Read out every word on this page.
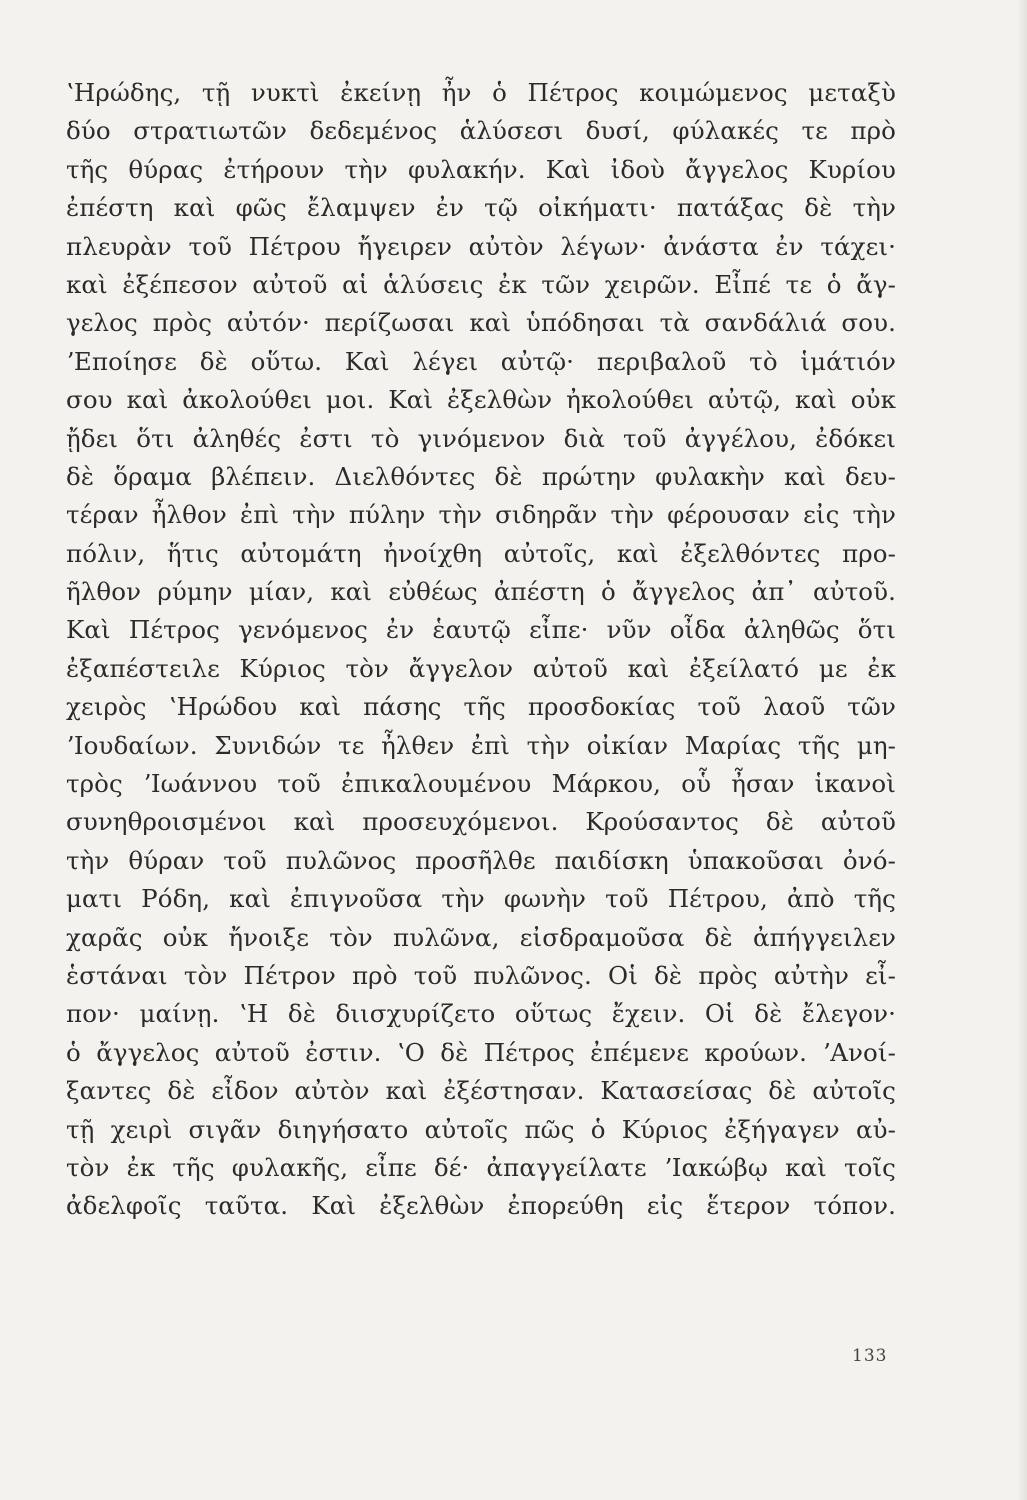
ʽΗρώδης, τῇ νυκτὶ ἐκείνῃ ἦν ὁ Πέτρος κοιμώμενος μεταξὺ
δύο στρατιωτῶν δεδεμένος ἁλύσεσι δυσί, φύλακές τε πρὸ
τῆς θύρας ἐτήρουν τὴν φυλακήν. Καὶ ἰδοὺ ἄγγελος Κυρίου
ἐπέστη καὶ φῶς ἔλαμψεν ἐν τῷ οἰκήματι· πατάξας δὲ τὴν
πλευρὰν τοῦ Πέτρου ἤγειρεν αὐτὸν λέγων· ἀνάστα ἐν τάχει·
καὶ ἐξέπεσον αὐτοῦ αἱ ἁλύσεις ἐκ τῶν χειρῶν. Εἶπέ τε ὁ ἄγ-
γελος πρὸς αὐτόν· περίζωσαι καὶ ὑπόδησαι τὰ σανδάλιά σου.
ʼΕποίησε δὲ οὕτω. Καὶ λέγει αὐτῷ· περιβαλοῦ τὸ ἱμάτιόν
σου καὶ ἀκολούθει μοι. Καὶ ἐξελθὼν ἠκολούθει αὐτῷ, καὶ οὐκ
ᾔδει ὅτι ἀληθές ἐστι τὸ γινόμενον διὰ τοῦ ἀγγέλου, ἐδόκει
δὲ ὅραμα βλέπειν. Διελθόντες δὲ πρώτην φυλακὴν καὶ δευ-
τέραν ἦλθον ἐπὶ τὴν πύλην τὴν σιδηρᾶν τὴν φέρουσαν εἰς τὴν
πόλιν, ἥτις αὐτομάτη ἠνοίχθη αὐτοῖς, καὶ ἐξελθόντες προ-
ῆλθον ρύμην μίαν, καὶ εὐθέως ἀπέστη ὁ ἄγγελος ἀπ᾽ αὐτοῦ.
Καὶ Πέτρος γενόμενος ἐν ἑαυτῷ εἶπε· νῦν οἶδα ἀληθῶς ὅτι
ἐξαπέστειλε Κύριος τὸν ἄγγελον αὐτοῦ καὶ ἐξείλατό με ἐκ
χειρὸς ʽΗρώδου καὶ πάσης τῆς προσδοκίας τοῦ λαοῦ τῶν
ʼΙουδαίων. Συνιδών τε ἦλθεν ἐπὶ τὴν οἰκίαν Μαρίας τῆς μη-
τρὸς ʼΙωάννου τοῦ ἐπικαλουμένου Μάρκου, οὗ ἦσαν ἱκανοὶ
συνηθροισμένοι καὶ προσευχόμενοι. Κρούσαντος δὲ αὐτοῦ
τὴν θύραν τοῦ πυλῶνος προσῆλθε παιδίσκη ὑπακοῦσαι ὀνό-
ματι Ρόδη, καὶ ἐπιγνοῦσα τὴν φωνὴν τοῦ Πέτρου, ἀπὸ τῆς
χαρᾶς οὐκ ἤνοιξε τὸν πυλῶνα, εἰσδραμοῦσα δὲ ἀπήγγειλεν
ἑστάναι τὸν Πέτρον πρὸ τοῦ πυλῶνος. Οἱ δὲ πρὸς αὐτὴν εἶ-
πον· μαίνῃ. ʽΗ δὲ διισχυρίζετο οὕτως ἔχειν. Οἱ δὲ ἔλεγον·
ὁ ἄγγελος αὐτοῦ ἐστιν. ʽΟ δὲ Πέτρος ἐπέμενε κρούων. ʼΑνοί-
ξαντες δὲ εἶδον αὐτὸν καὶ ἐξέστησαν. Κατασείσας δὲ αὐτοῖς
τῇ χειρὶ σιγᾶν διηγήσατο αὐτοῖς πῶς ὁ Κύριος ἐξήγαγεν αὐ-
τὸν ἐκ τῆς φυλακῆς, εἶπε δέ· ἀπαγγείλατε ʼΙακώβῳ καὶ τοῖς
ἀδελφοῖς ταῦτα. Καὶ ἐξελθὼν ἐπορεύθη εἰς ἕτερον τόπον.
133
